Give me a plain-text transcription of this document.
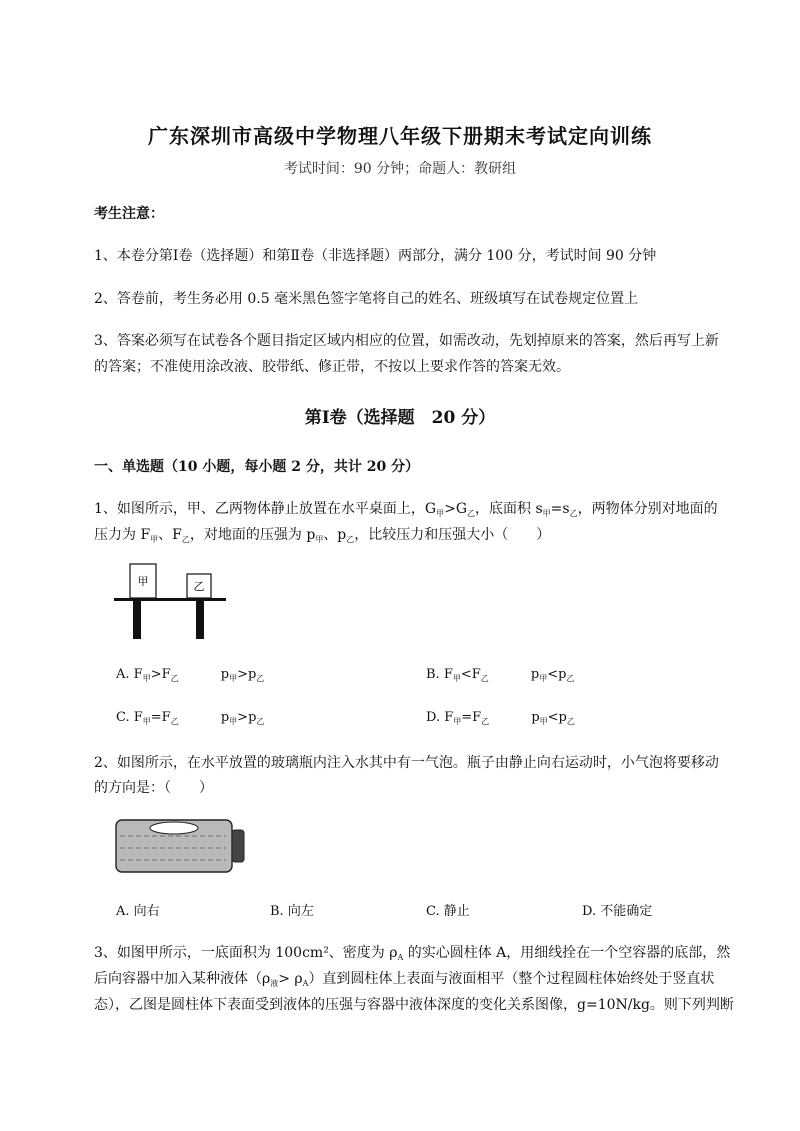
广东深圳市高级中学物理八年级下册期末考试定向训练
考试时间：90 分钟；命题人：教研组
考生注意：
1、本卷分第Ⅰ卷（选择题）和第Ⅱ卷（非选择题）两部分，满分 100 分，考试时间 90 分钟
2、答卷前，考生务必用 0.5 毫米黑色签字笔将自己的姓名、班级填写在试卷规定位置上
3、答案必须写在试卷各个题目指定区域内相应的位置，如需改动，先划掉原来的答案，然后再写上新
的答案；不准使用涂改液、胶带纸、修正带，不按以上要求作答的答案无效。
第Ⅰ卷（选择题　20 分）
一、单选题（10 小题，每小题 2 分，共计 20 分）
1、如图所示，甲、乙两物体静止放置在水平桌面上，$G_甲>G_乙$，底面积 $s_甲=s_乙$，两物体分别对地面的
压力为 $F_甲$、$F_乙$，对地面的压强为 $p_甲$、$p_乙$，比较压力和压强大小（　　）
甲	乙
A. $F_甲>F_乙$	$p_甲>p_乙$	B. $F_甲<F_乙$	$p_甲<p_乙$
C. $F_甲=F_乙$	$p_甲>p_乙$	D. $F_甲=F_乙$	$p_甲<p_乙$
2、如图所示，在水平放置的玻璃瓶内注入水其中有一气泡。瓶子由静止向右运动时，小气泡将要移动
的方向是：（　　）
A. 向右	B. 向左	C. 静止	D. 不能确定
3、如图甲所示，一底面积为 100cm²、密度为 $\rho_A$ 的实心圆柱体 A，用细线拴在一个空容器的底部，然
后向容器中加入某种液体$(\rho_液> \rho_A)$直到圆柱体上表面与液面相平（整个过程圆柱体始终处于竖直状
态），乙图是圆柱体下表面受到液体的压强与容器中液体深度的变化关系图像，g=10N/kg。则下列判断
